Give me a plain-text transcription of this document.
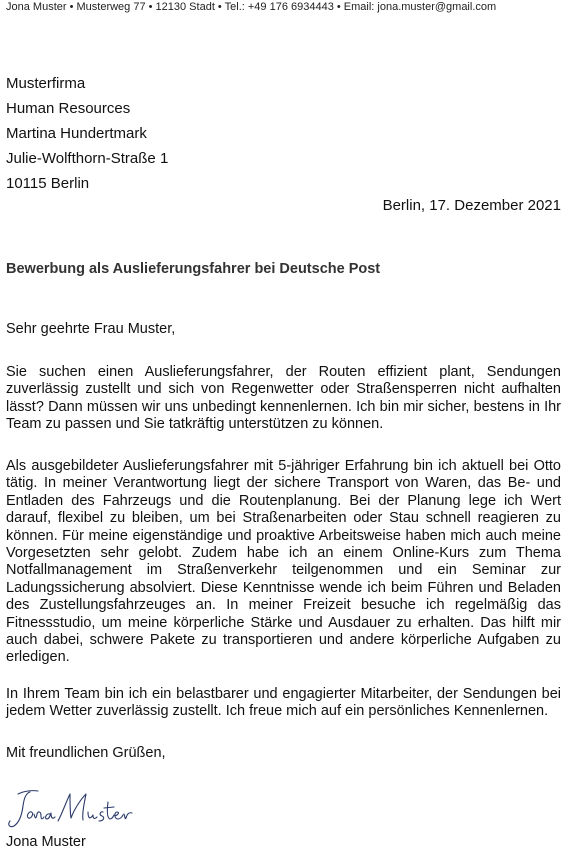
Jona Muster • Musterweg 77 • 12130 Stadt • Tel.: +49 176 6934443 • Email: jona.muster@gmail.com
Musterfirma
Human Resources
Martina Hundertmark
Julie-Wolfthorn-Straße 1
10115 Berlin
Berlin, 17. Dezember 2021
Bewerbung als Auslieferungsfahrer bei Deutsche Post
Sehr geehrte Frau Muster,

Sie suchen einen Auslieferungsfahrer, der Routen effizient plant, Sendungen zuverlässig zustellt und sich von Regenwetter oder Straßensperren nicht aufhalten lässt? Dann müssen wir uns unbedingt kennenlernen. Ich bin mir sicher, bestens in Ihr Team zu passen und Sie tatkräftig unterstützen zu können.

Als ausgebildeter Auslieferungsfahrer mit 5-jähriger Erfahrung bin ich aktuell bei Otto tätig. In meiner Verantwortung liegt der sichere Transport von Waren, das Be- und Entladen des Fahrzeugs und die Routenplanung. Bei der Planung lege ich Wert darauf, flexibel zu bleiben, um bei Straßenarbeiten oder Stau schnell reagieren zu können. Für meine eigenständige und proaktive Arbeitsweise haben mich auch meine Vorgesetzten sehr gelobt. Zudem habe ich an einem Online-Kurs zum Thema Notfallmanagement im Straßenverkehr teilgenommen und ein Seminar zur Ladungssicherung absolviert. Diese Kenntnisse wende ich beim Führen und Beladen des Zustellungsfahrzeuges an. In meiner Freizeit besuche ich regelmäßig das Fitnessstudio, um meine körperliche Stärke und Ausdauer zu erhalten. Das hilft mir auch dabei, schwere Pakete zu transportieren und andere körperliche Aufgaben zu erledigen.

In Ihrem Team bin ich ein belastbarer und engagierter Mitarbeiter, der Sendungen bei jedem Wetter zuverlässig zustellt. Ich freue mich auf ein persönliches Kennenlernen.

Mit freundlichen Grüßen,
Jona Muster
